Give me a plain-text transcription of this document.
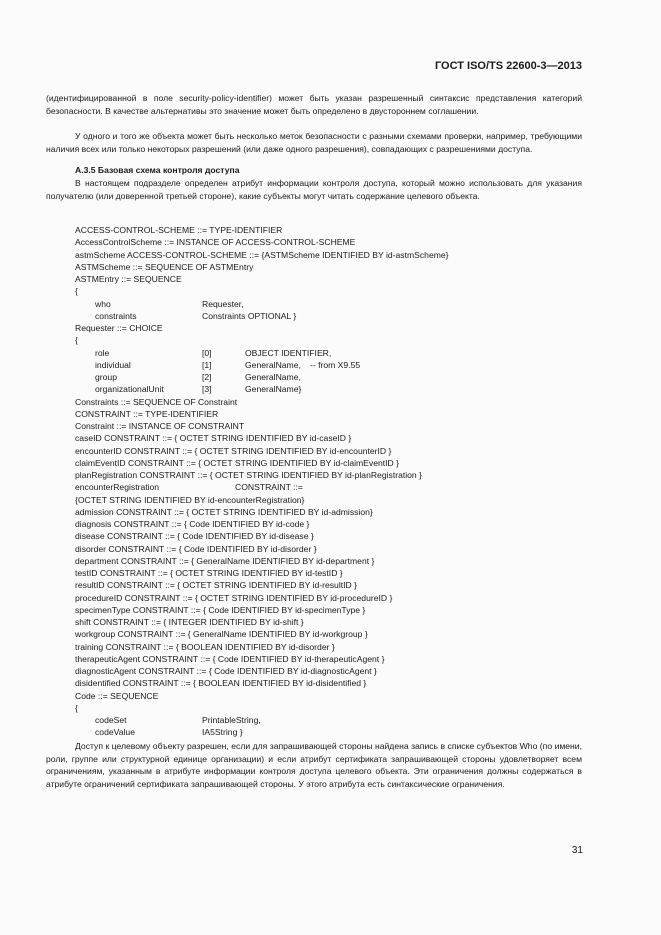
ГОСТ ISO/TS 22600-3—2013

(идентифицированной в поле security-policy-identifier) может быть указан разрешенный синтаксис представления категорий безопасности. В качестве альтернативы это значение может быть определено в двустороннем соглашении.

У одного и того же объекта может быть несколько меток безопасности с разными схемами проверки, например, требующими наличия всех или только некоторых разрешений (или даже одного разрешения), совпадающих с разрешениями доступа.

А.3.5 Базовая схема контроля доступа

В настоящем подразделе определен атрибут информации контроля доступа, который можно использовать для указания получателю (или доверенной третьей стороне), какие субъекты могут читать содержание целевого объекта.

ACCESS-CONTROL-SCHEME ::= TYPE-IDENTIFIER
AccessControlScheme ::= INSTANCE OF ACCESS-CONTROL-SCHEME
astmScheme ACCESS-CONTROL-SCHEME ::= {ASTMScheme IDENTIFIED BY id-astmScheme}
ASTMScheme ::= SEQUENCE OF ASTMEntry
ASTMEntry ::= SEQUENCE
{
who	Requester,
constraints	Constraints OPTIONAL }
Requester ::= CHOICE
{
role	[0]	OBJECT IDENTIFIER,
individual	[1]	GeneralName, -- from X9.55
group	[2]	GeneralName,
organizationalUnit	[3]	GeneralName}
Constraints ::= SEQUENCE OF Constraint
CONSTRAINT ::= TYPE-IDENTIFIER
Constraint ::= INSTANCE OF CONSTRAINT
caseID CONSTRAINT ::= { OCTET STRING IDENTIFIED BY id-caseID }
encounterID CONSTRAINT ::= { OCTET STRING IDENTIFIED BY id-encounterID }
claimEventID CONSTRAINT ::= { OCTET STRING IDENTIFIED BY id-claimEventID }
planRegistration CONSTRAINT ::= { OCTET STRING IDENTIFIED BY id-planRegistration }
encounterRegistration	CONSTRAINT ::=
{OCTET STRING IDENTIFIED BY id-encounterRegistration}
admission CONSTRAINT ::= { OCTET STRING IDENTIFIED BY id-admission}
diagnosis CONSTRAINT ::= { Code IDENTIFIED BY id-code }
disease CONSTRAINT ::= { Code IDENTIFIED BY id-disease }
disorder CONSTRAINT ::= { Code IDENTIFIED BY id-disorder }
department CONSTRAINT ::= { GeneralName IDENTIFIED BY id-department }
testID CONSTRAINT ::= { OCTET STRING IDENTIFIED BY id-testID }
resultID CONSTRAINT ::= { OCTET STRING IDENTIFIED BY id-resultID }
procedureID CONSTRAINT ::= { OCTET STRING IDENTIFIED BY id-procedureID }
specimenType CONSTRAINT ::= { Code IDENTIFIED BY id-specimenType }
shift CONSTRAINT ::= { INTEGER IDENTIFIED BY id-shift }
workgroup CONSTRAINT ::= { GeneralName IDENTIFIED BY id-workgroup }
training CONSTRAINT ::= { BOOLEAN IDENTIFIED BY id-disorder }
therapeuticAgent CONSTRAINT ::= { Code IDENTIFIED BY id-therapeuticAgent }
diagnosticAgent CONSTRAINT ::= { Code IDENTIFIED BY id-diagnosticAgent }
disidentified CONSTRAINT ::= { BOOLEAN IDENTIFIED BY id-disidentified }
Code ::= SEQUENCE
{
codeSet	PrintableString,
codeValue	IA5String }

Доступ к целевому объекту разрешен, если для запрашивающей стороны найдена запись в списке субъектов Who (по имени, роли, группе или структурной единице организации) и если атрибут сертификата запрашивающей стороны удовлетворяет всем ограничениям, указанным в атрибуте информации контроля доступа целевого объекта. Эти ограничения должны содержаться в атрибуте ограничений сертификата запрашивающей стороны. У этого атрибута есть синтаксические ограничения.

31
